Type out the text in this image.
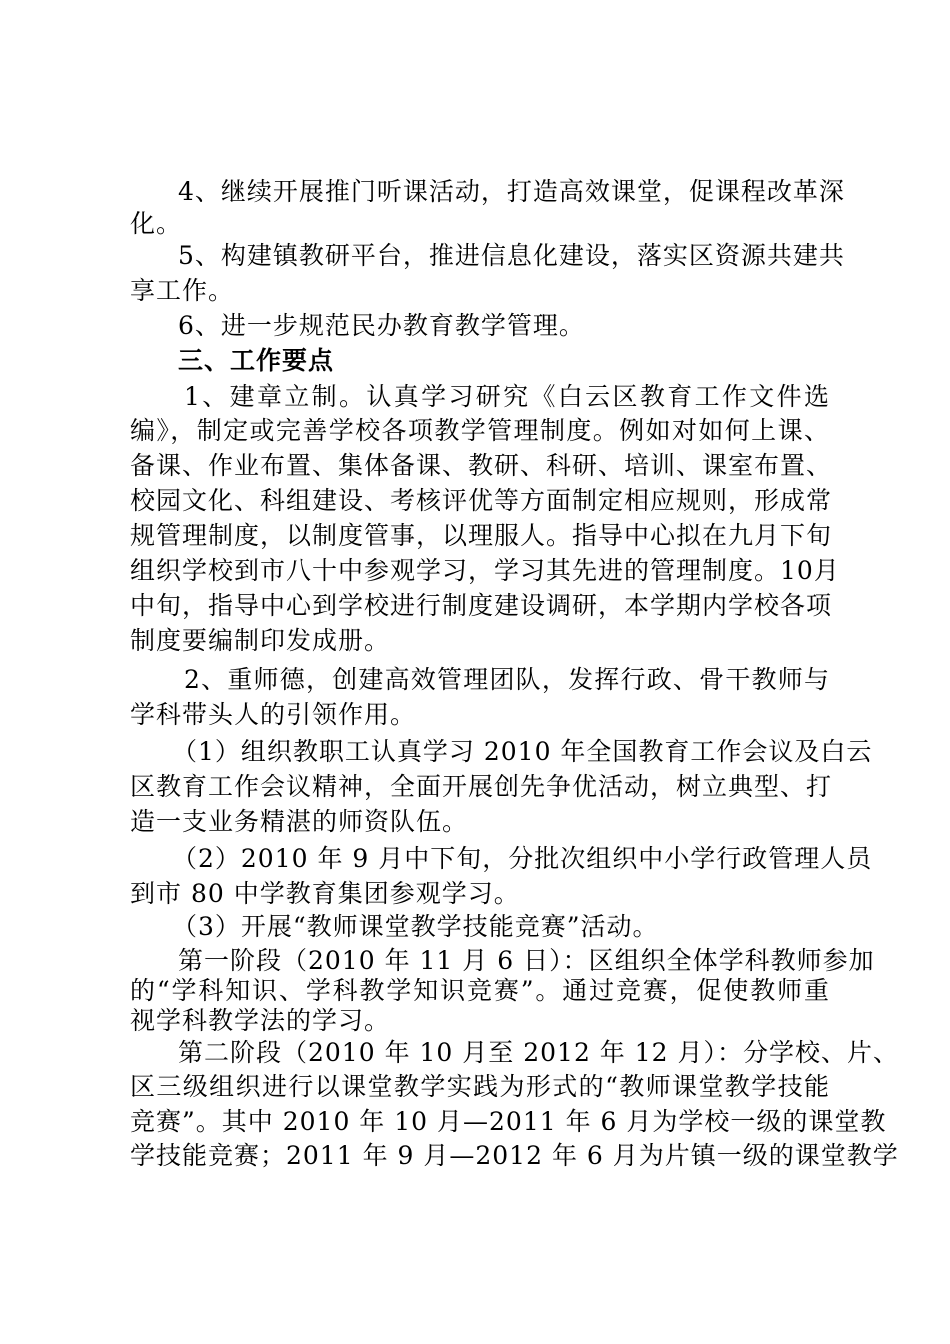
4、继续开展推门听课活动，打造高效课堂，促课程改革深
化。
5、构建镇教研平台，推进信息化建设，落实区资源共建共
享工作。
6、进一步规范民办教育教学管理。
三、工作要点
1、建章立制。认真学习研究《白云区教育工作文件选
编》，制定或完善学校各项教学管理制度。例如对如何上课、
备课、作业布置、集体备课、教研、科研、培训、课室布置、
校园文化、科组建设、考核评优等方面制定相应规则，形成常
规管理制度，以制度管事，以理服人。指导中心拟在九月下旬
组织学校到市八十中参观学习，学习其先进的管理制度。10月
中旬，指导中心到学校进行制度建设调研，本学期内学校各项
制度要编制印发成册。
2、重师德，创建高效管理团队，发挥行政、骨干教师与
学科带头人的引领作用。
（1）组织教职工认真学习 2010 年全国教育工作会议及白云
区教育工作会议精神，全面开展创先争优活动，树立典型、打
造一支业务精湛的师资队伍。
（2）2010 年 9 月中下旬，分批次组织中小学行政管理人员
到市 80 中学教育集团参观学习。
（3）开展“教师课堂教学技能竞赛”活动。
第一阶段（2010 年 11 月 6 日）：区组织全体学科教师参加
的“学科知识、学科教学知识竞赛”。通过竞赛，促使教师重
视学科教学法的学习。
第二阶段（2010 年 10 月至 2012 年 12 月）：分学校、片、
区三级组织进行以课堂教学实践为形式的“教师课堂教学技能
竞赛”。其中 2010 年 10 月—2011 年 6 月为学校一级的课堂教
学技能竞赛；2011 年 9 月—2012 年 6 月为片镇一级的课堂教学
